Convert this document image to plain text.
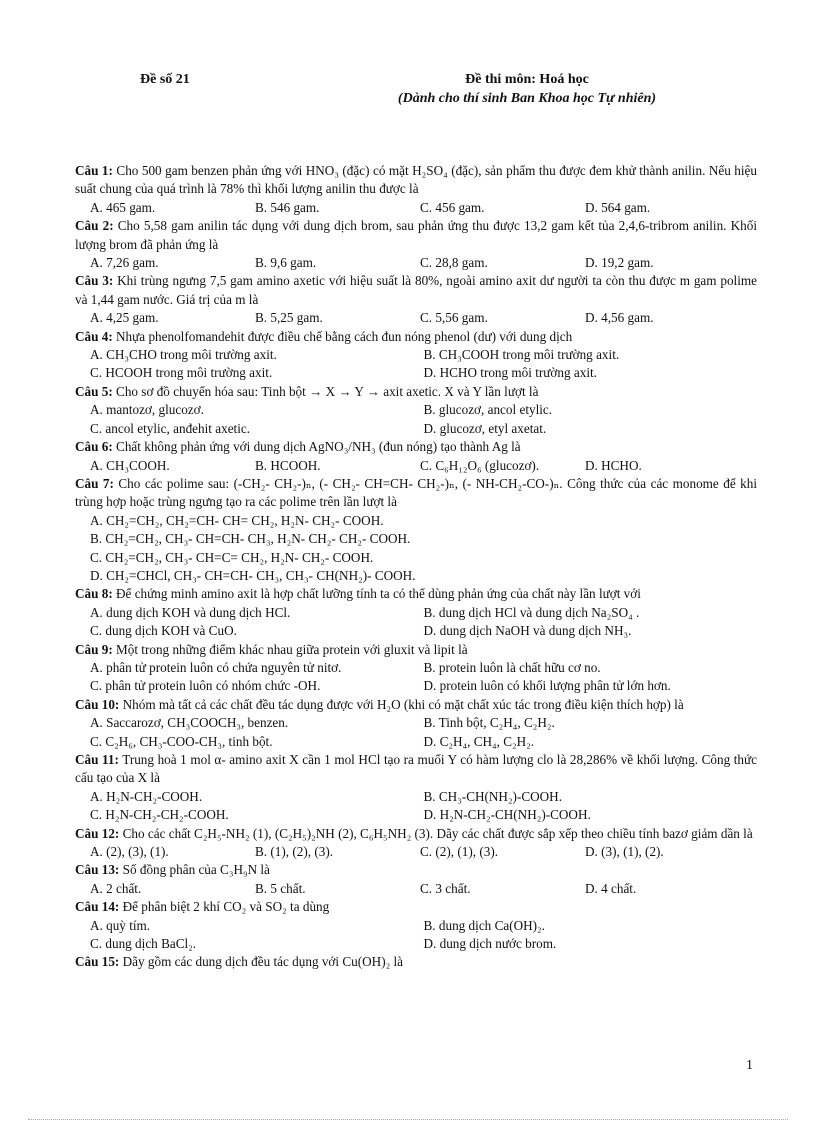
Đề số 21	Đề thi môn: Hoá học
(Dành cho thí sinh Ban Khoa học Tự nhiên)

Câu 1: Cho 500 gam benzen phản ứng với HNO₃ (đặc) có mặt H₂SO₄ (đặc), sản phẩm thu được đem khử thành anilin. Nếu hiệu suất chung của quá trình là 78% thì khối lượng anilin thu được là

A. 465 gam.	B. 546 gam.	C. 456 gam.	D. 564 gam.

Câu 2: Cho 5,58 gam anilin tác dụng với dung dịch brom, sau phản ứng thu được 13,2 gam kết tủa 2,4,6-tribrom anilin. Khối lượng brom đã phản ứng là

A. 7,26 gam.	B. 9,6 gam.	C. 28,8 gam.	D. 19,2 gam.

Câu 3: Khi trùng ngưng 7,5 gam amino axetic với hiệu suất là 80%, ngoài amino axit dư người ta còn thu được m gam polime và 1,44 gam nước. Giá trị của m là

A. 4,25 gam.	B. 5,25 gam.	C. 5,56 gam.	D. 4,56 gam.

Câu 4: Nhựa phenolfomandehit được điều chế bằng cách đun nóng phenol (dư) với dung dịch

A. CH₃CHO trong môi trường axit.	B. CH₃COOH trong môi trường axit.
C. HCOOH trong môi trường axit.	D. HCHO trong môi trường axit.

Câu 5: Cho sơ đồ chuyển hóa sau: Tinh bột → X → Y → axit axetic. X và Y lần lượt là

A. mantozơ, glucozơ.	B. glucozơ, ancol etylic.
C. ancol etylic, anđehit axetic.	D. glucozơ, etyl axetat.

Câu 6: Chất không phản ứng với dung dịch AgNO₃/NH₃ (đun nóng) tạo thành Ag là

A. CH₃COOH.	B. HCOOH.	C. C₆H₁₂O₆ (glucozơ).	D. HCHO.

Câu 7: Cho các polime sau: (-CH₂- CH₂-)ₙ, (- CH₂- CH=CH- CH₂-)ₙ, (- NH-CH₂-CO-)ₙ. Công thức của các monome để khi trùng hợp hoặc trùng ngưng tạo ra các polime trên lần lượt là

A. CH₂=CH₂, CH₂=CH- CH= CH₂, H₂N- CH₂- COOH.
B. CH₂=CH₂, CH₃- CH=CH- CH₃, H₂N- CH₂- CH₂- COOH.
C. CH₂=CH₂, CH₃- CH=C= CH₂, H₂N- CH₂- COOH.
D. CH₂=CHCl, CH₃- CH=CH- CH₃, CH₃- CH(NH₂)- COOH.

Câu 8: Để chứng minh amino axit là hợp chất lưỡng tính ta có thể dùng phản ứng của chất này lần lượt với

A. dung dịch KOH và dung dịch HCl.	B. dung dịch HCl và dung dịch Na₂SO₄ .
C. dung dịch KOH và CuO.	D. dung dịch NaOH và dung dịch NH₃.

Câu 9: Một trong những điểm khác nhau giữa protein với gluxit và lipit là

A. phân tử protein luôn có chứa nguyên tử nitơ.	B. protein luôn là chất hữu cơ no.
C. phân tử protein luôn có nhóm chức -OH.	D. protein luôn có khối lượng phân tử lớn hơn.

Câu 10: Nhóm mà tất cả các chất đều tác dụng được với H₂O (khi có mặt chất xúc tác trong điều kiện thích hợp) là

A. Saccarozơ, CH₃COOCH₃, benzen.	B. Tinh bột, C₂H₄, C₂H₂.
C. C₂H₆, CH₃-COO-CH₃, tinh bột.	D. C₂H₄, CH₄, C₂H₂.

Câu 11: Trung hoà 1 mol α- amino axit X cần 1 mol HCl tạo ra muối Y có hàm lượng clo là 28,286% về khối lượng. Công thức cấu tạo của X là

A. H₂N-CH₂-COOH.	B. CH₃-CH(NH₂)-COOH.
C. H₂N-CH₂-CH₂-COOH.	D. H₂N-CH₂-CH(NH₂)-COOH.

Câu 12: Cho các chất C₂H₅-NH₂ (1), (C₂H₅)₂NH (2), C₆H₅NH₂ (3). Dãy các chất được sắp xếp theo chiều tính bazơ giảm dần là

A. (2), (3), (1).	B. (1), (2), (3).	C. (2), (1), (3).	D. (3), (1), (2).

Câu 13: Số đồng phân của C₃H₉N là

A. 2 chất.	B. 5 chất.	C. 3 chất.	D. 4 chất.

Câu 14: Để phân biệt 2 khí CO₂ và SO₂ ta dùng

A. quỳ tím.	B. dung dịch Ca(OH)₂.
C. dung dịch BaCl₂.	D. dung dịch nước brom.

Câu 15: Dãy gồm các dung dịch đều tác dụng với Cu(OH)₂ là

1
